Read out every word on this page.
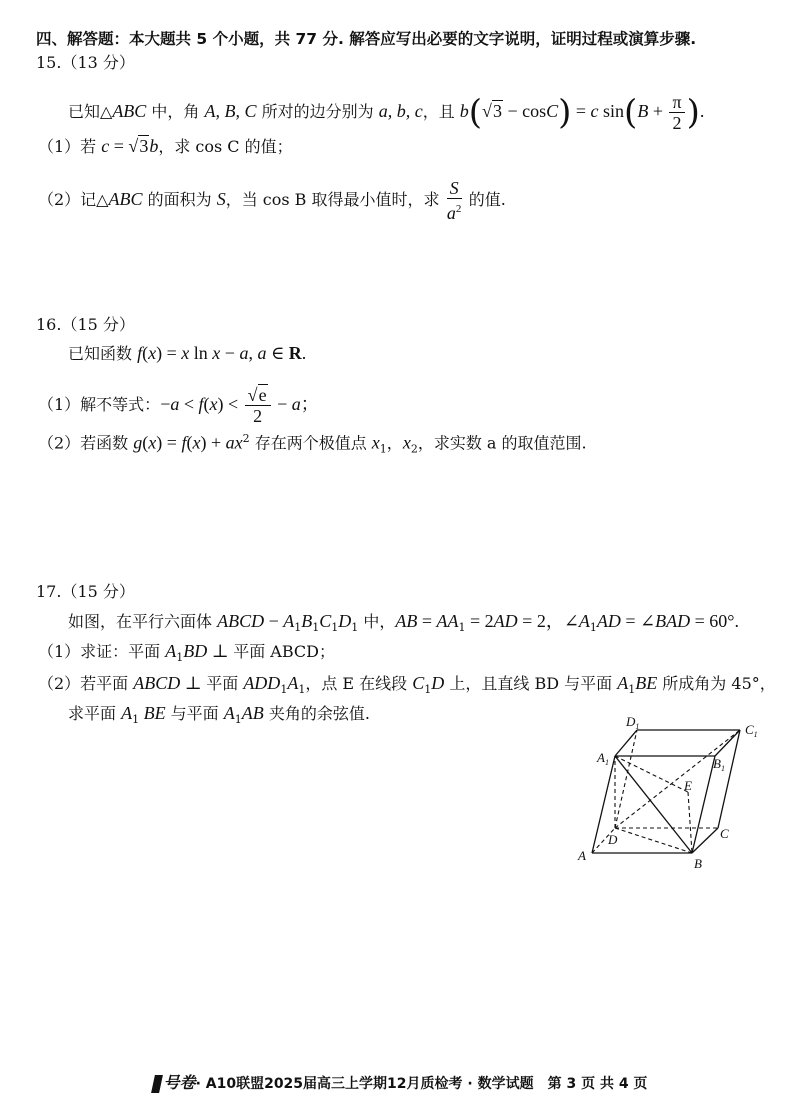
四、解答题：本大题共 5 个小题，共 77 分. 解答应写出必要的文字说明，证明过程或演算步骤.
15.（13 分）
已知△ABC 中，角 A, B, C 所对的边分别为 a, b, c，且 b(√3 − cosC) = c $\sin(B + \frac{\pi}{2}$ ).
（1）若 c = √3b，求 cos C 的值；
（2）记△ABC 的面积为 S，当 cos B 取得最小值时，求 $\frac{S}{a^2}$ 的值.
16.（15 分）
已知函数 f(x) = x ln x − a, a ∈ R.
（1）解不等式：$-a < f(x) < \frac{√e}{2} - a$；
（2）若函数 $g(x) = f(x) + ax^2$ 存在两个极值点 $x_1$，$x_2$，求实数 a 的取值范围.
17.（15 分）
如图，在平行六面体 ABCD − $A_1B_1C_1D_1$ 中，AB = $AA_1 = 2AD = 2$，$\angle A_1AD$ = ∠BAD = 60°.
（1）求证：平面 $A_1BD$ ⊥ 平面 ABCD；
（2）若平面 ABCD ⊥ 平面 $ADD_1A_1$，点 E 在线段 $C_1D$ 上，且直线 BD 与平面 $A_1BE$ 所成角为 45°，
求平面 $A_1$ BE 与平面 $A_1AB$ 夹角的余弦值.
A
B
C
D
E
$A_1$	$B_1$
$C_1$
$D_1$
号卷· A10联盟2025届高三上学期12月质检考 · 数学试题　第 3 页 共 4 页
